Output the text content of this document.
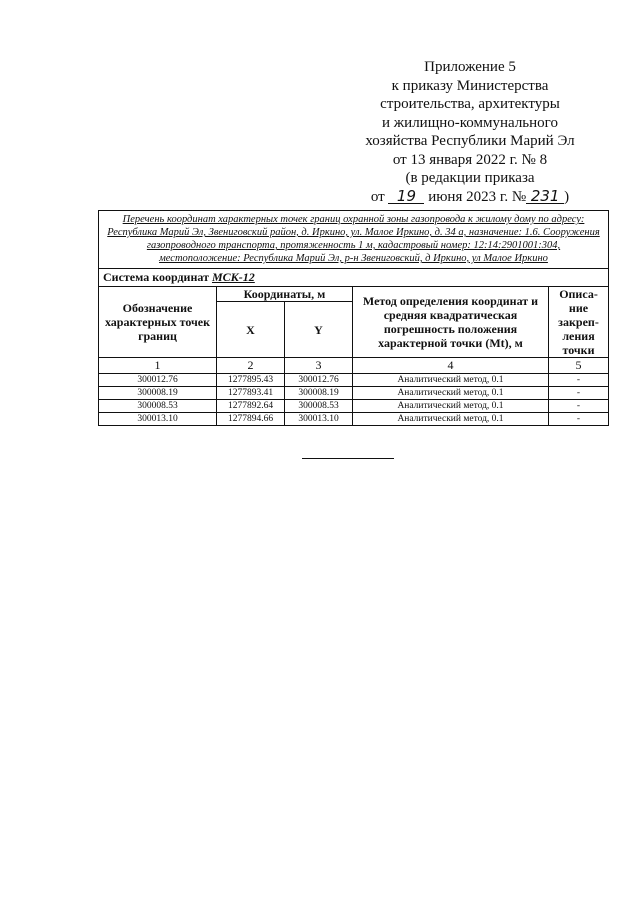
Приложение 5
к приказу Министерства
строительства, архитектуры
и жилищно-коммунального
хозяйства Республики Марий Эл
от 13 января 2022 г. № 8
(в редакции приказа
от 19 июня 2023 г. № 231 )
Перечень координат характерных точек границ охранной зоны газопровода к жилому дому по адресу: Республика Марий Эл, Звениговский район, д. Иркино, ул. Малое Иркино, д. 34 а, назначение: 1.6. Сооружения газопроводного транспорта, протяженность 1 м, кадастровый номер: 12:14:2901001:304, местоположение: Республика Марий Эл, р-н Звениговский, д Иркино, ул Малое Иркино				
Система координат МСК-12				
Обозначение характерных точек границ	Координаты, м		Метод определения координат и средняя квадратическая погрешность положения характерной точки (Mt), м	Описа-ние закреп-ления точки
	X	Y		
1	2	3	4	5
300012.76	1277895.43	300012.76	Аналитический метод, 0.1	-
300008.19	1277893.41	300008.19	Аналитический метод, 0.1	-
300008.53	1277892.64	300008.53	Аналитический метод, 0.1	-
300013.10	1277894.66	300013.10	Аналитический метод, 0.1	-
